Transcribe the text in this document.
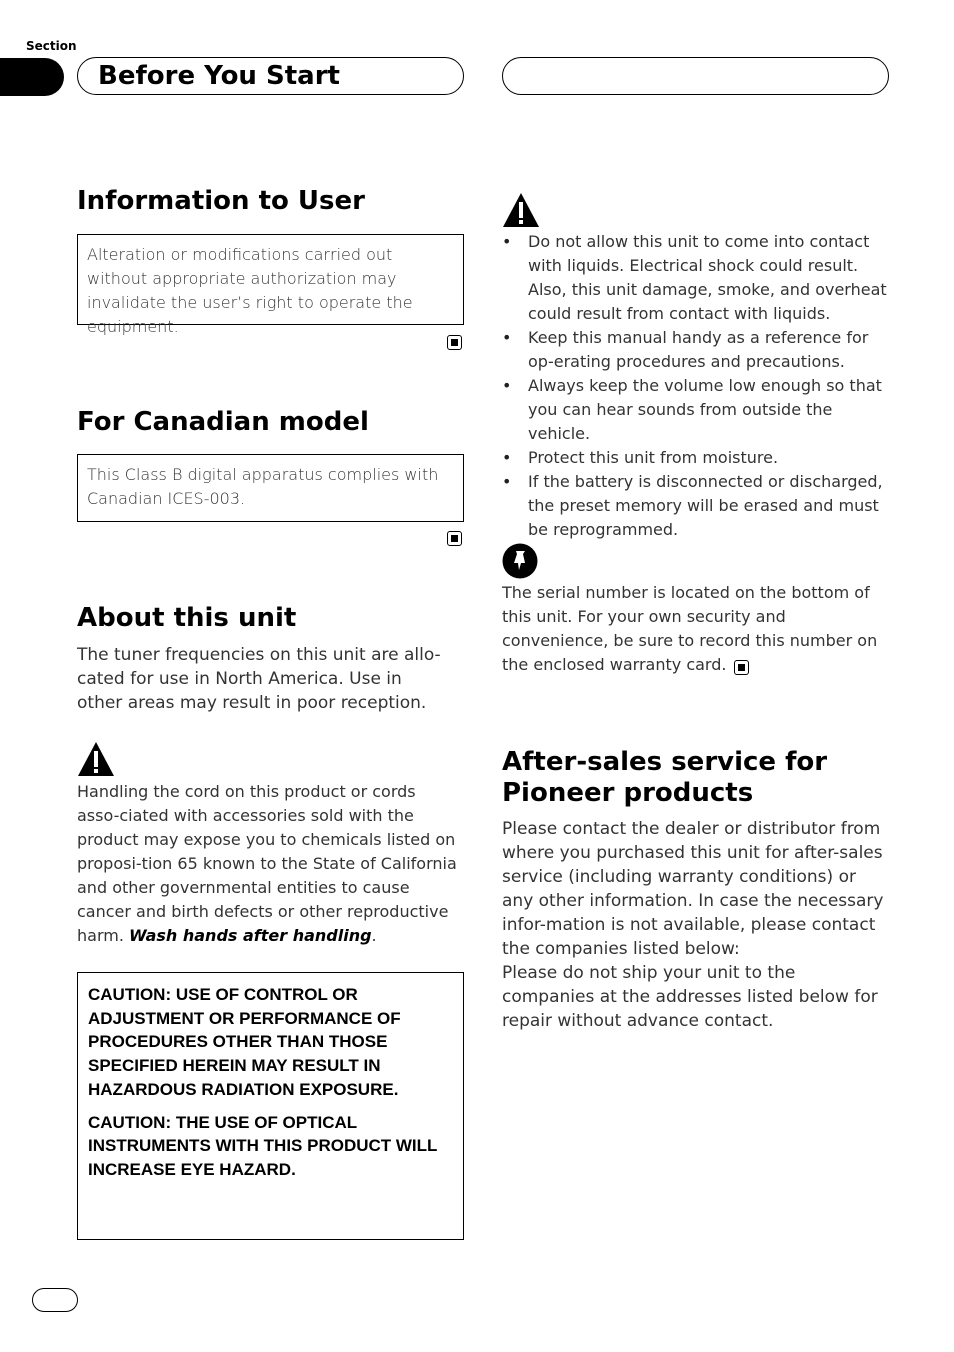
Section
Before You Start
Information to User
Alteration or modifications carried out without appropriate authorization may invalidate the user’s right to operate the equipment.
For Canadian model
This Class B digital apparatus complies with Canadian ICES-003.
About this unit
The tuner frequencies on this unit are allo-cated for use in North America. Use in other areas may result in poor reception.
Handling the cord on this product or cords asso-ciated with accessories sold with the product may expose you to chemicals listed on proposi-tion 65 known to the State of California and other governmental entities to cause cancer and birth defects or other reproductive harm. Wash hands after handling.

CAUTION: USE OF CONTROL OR ADJUSTMENT OR PERFORMANCE OF PROCEDURES OTHER THAN THOSE SPECIFIED HEREIN MAY RESULT IN HAZARDOUS RADIATION EXPOSURE.

CAUTION: THE USE OF OPTICAL INSTRUMENTS WITH THIS PRODUCT WILL INCREASE EYE HAZARD.

• Do not allow this unit to come into contact with liquids. Electrical shock could result. Also, this unit damage, smoke, and overheat could result from contact with liquids.
• Keep this manual handy as a reference for op-erating procedures and precautions.
• Always keep the volume low enough so that you can hear sounds from outside the vehicle.
• Protect this unit from moisture.
• If the battery is disconnected or discharged, the preset memory will be erased and must be reprogrammed.
The serial number is located on the bottom of this unit. For your own security and convenience, be sure to record this number on the enclosed warranty card.
After-sales service for
Pioneer products
Please contact the dealer or distributor from where you purchased this unit for after-sales service (including warranty conditions) or any other information. In case the necessary infor-mation is not available, please contact the companies listed below:
Please do not ship your unit to the companies at the addresses listed below for repair without advance contact.
